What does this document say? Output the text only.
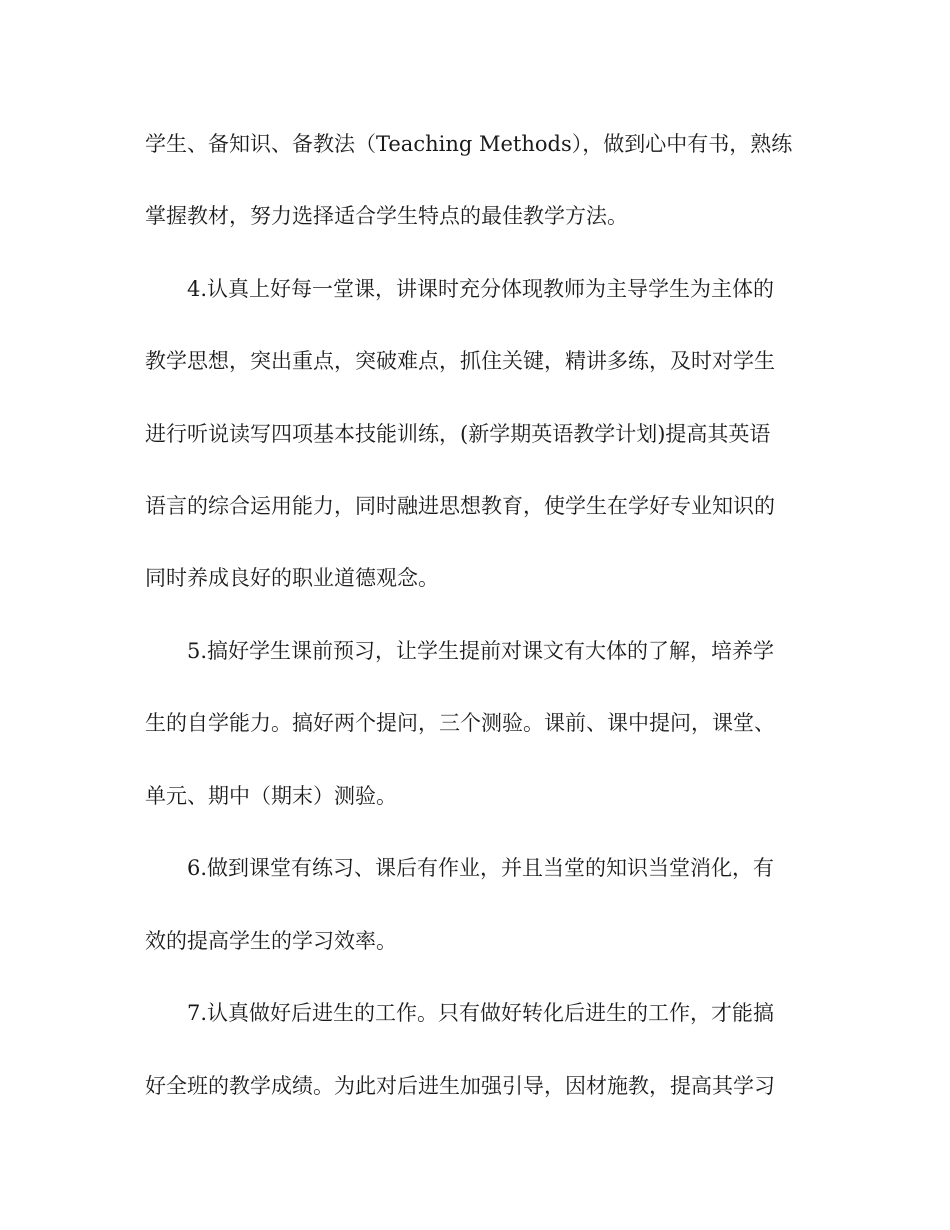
学生、备知识、备教法（Teaching Methods），做到心中有书，熟练
掌握教材，努力选择适合学生特点的最佳教学方法。
4.认真上好每一堂课，讲课时充分体现教师为主导学生为主体的
教学思想，突出重点，突破难点，抓住关键，精讲多练，及时对学生
进行听说读写四项基本技能训练，(新学期英语教学计划)提高其英语
语言的综合运用能力，同时融进思想教育，使学生在学好专业知识的
同时养成良好的职业道德观念。
5.搞好学生课前预习，让学生提前对课文有大体的了解，培养学
生的自学能力。搞好两个提问，三个测验。课前、课中提问，课堂、
单元、期中（期末）测验。
6.做到课堂有练习、课后有作业，并且当堂的知识当堂消化，有
效的提高学生的学习效率。
7.认真做好后进生的工作。只有做好转化后进生的工作，才能搞
好全班的教学成绩。为此对后进生加强引导，因材施教，提高其学习
